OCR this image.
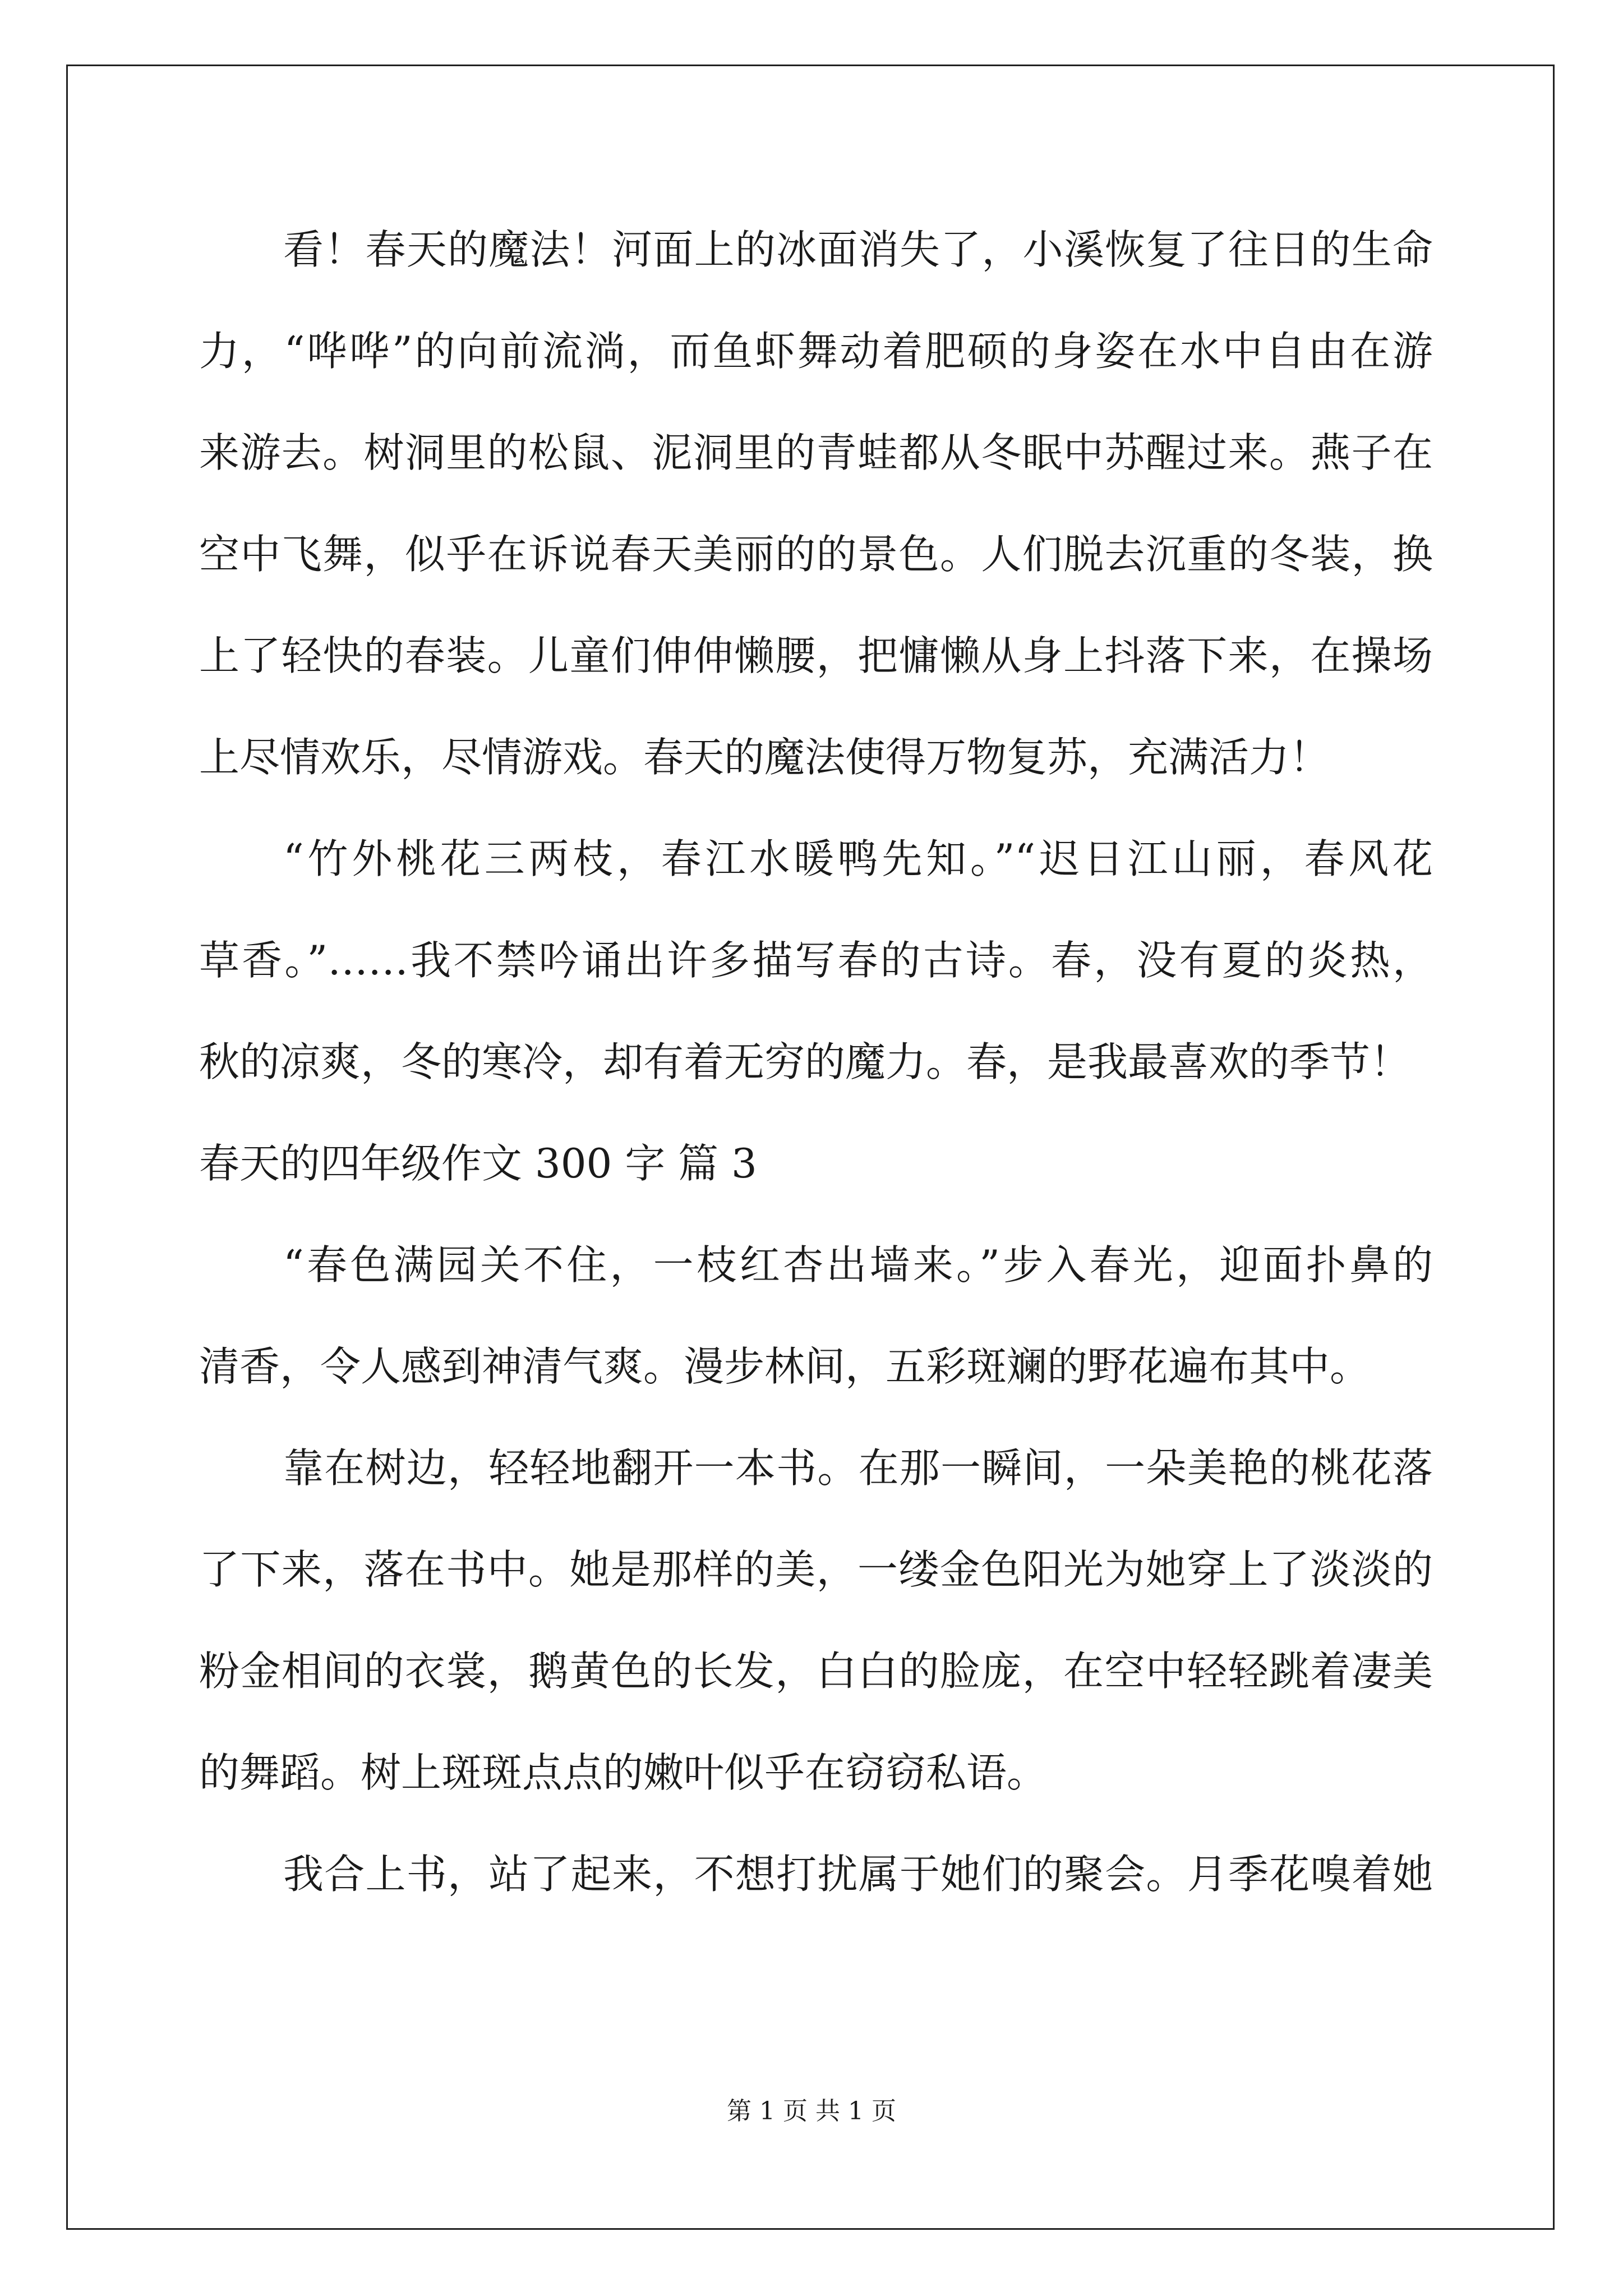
看！春天的魔法！河面上的冰面消失了，小溪恢复了往日的生命
力，“哗哗”的向前流淌，而鱼虾舞动着肥硕的身姿在水中自由在游
来游去。树洞里的松鼠、泥洞里的青蛙都从冬眠中苏醒过来。燕子在
空中飞舞，似乎在诉说春天美丽的的景色。人们脱去沉重的冬装，换
上了轻快的春装。儿童们伸伸懒腰，把慵懒从身上抖落下来，在操场
上尽情欢乐，尽情游戏。春天的魔法使得万物复苏，充满活力！
“竹外桃花三两枝，春江水暖鸭先知。”“迟日江山丽，春风花
草香。”……我不禁吟诵出许多描写春的古诗。春，没有夏的炎热，
秋的凉爽，冬的寒冷，却有着无穷的魔力。春，是我最喜欢的季节！
春天的四年级作文 300 字 篇 3
“春色满园关不住，一枝红杏出墙来。”步入春光，迎面扑鼻的
清香，令人感到神清气爽。漫步林间，五彩斑斓的野花遍布其中。
靠在树边，轻轻地翻开一本书。在那一瞬间，一朵美艳的桃花落
了下来，落在书中。她是那样的美，一缕金色阳光为她穿上了淡淡的
粉金相间的衣裳，鹅黄色的长发，白白的脸庞，在空中轻轻跳着凄美
的舞蹈。树上斑斑点点的嫩叶似乎在窃窃私语。
我合上书，站了起来，不想打扰属于她们的聚会。月季花嗅着她
第 1 页 共 1 页
